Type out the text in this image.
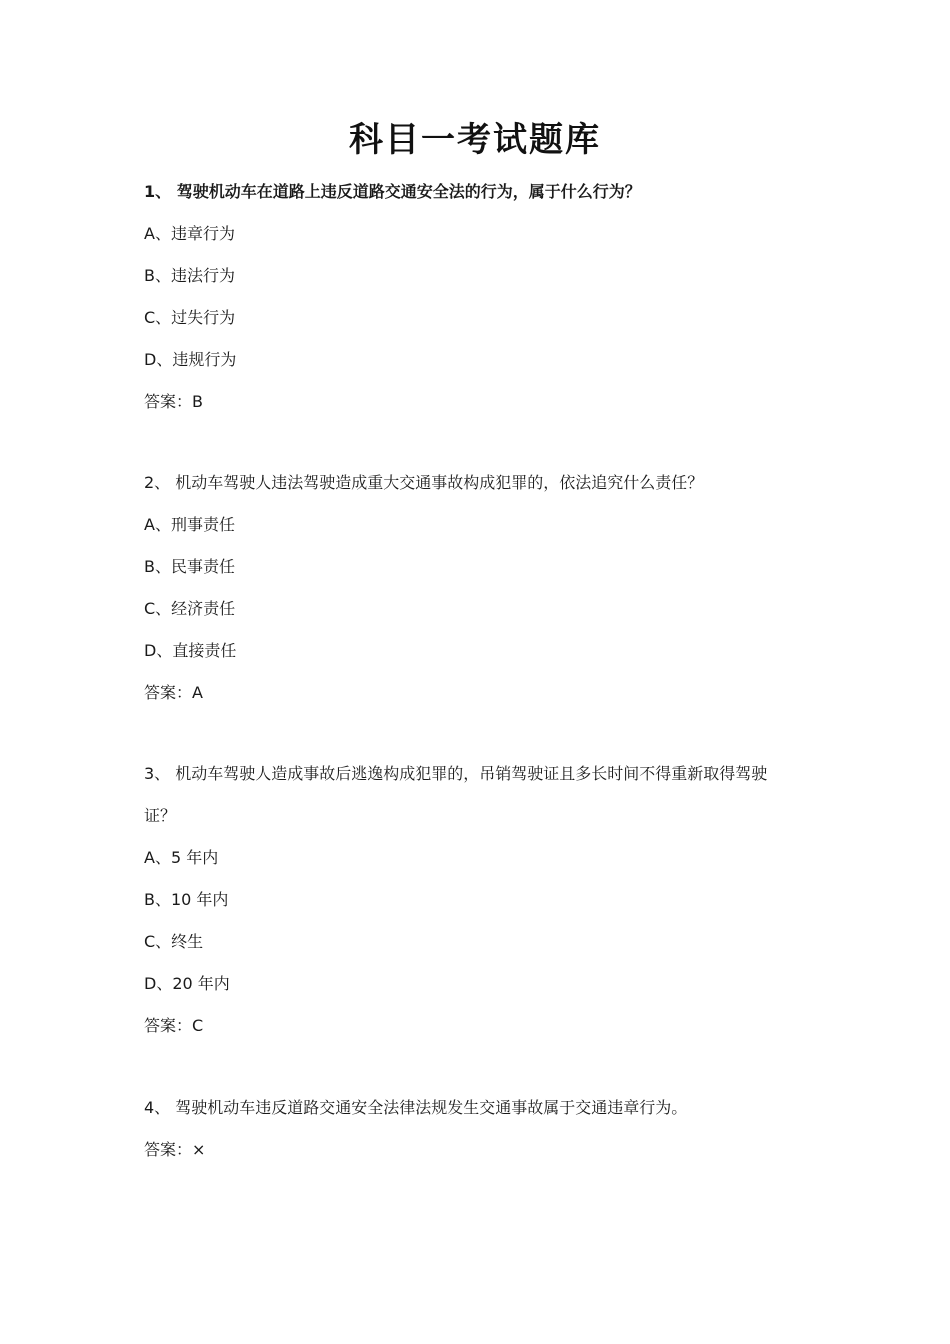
科目一考试题库
1、 驾驶机动车在道路上违反道路交通安全法的行为，属于什么行为？
A、违章行为
B、违法行为
C、过失行为
D、违规行为
答案：B
2、 机动车驾驶人违法驾驶造成重大交通事故构成犯罪的，依法追究什么责任？
A、刑事责任
B、民事责任
C、经济责任
D、直接责任
答案：A
3、 机动车驾驶人造成事故后逃逸构成犯罪的，吊销驾驶证且多长时间不得重新取得驾驶
证？
A、5 年内
B、10 年内
C、终生
D、20 年内
答案：C
4、 驾驶机动车违反道路交通安全法律法规发生交通事故属于交通违章行为。
答案：×
